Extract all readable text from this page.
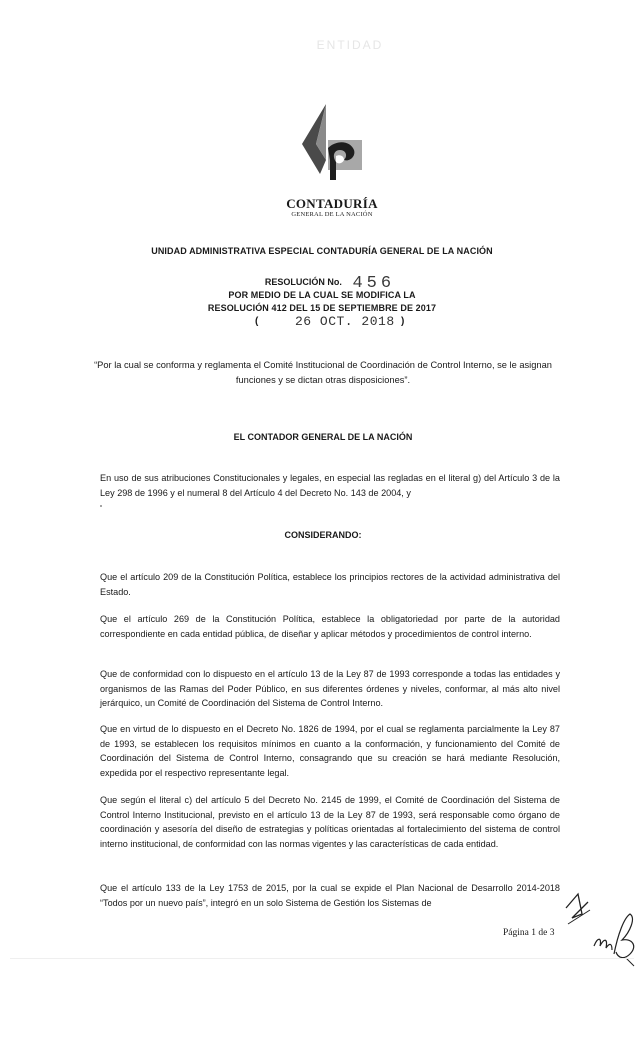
ENTIDAD
CONTADURÍA
GENERAL DE LA NACIÓN
UNIDAD ADMINISTRATIVA ESPECIAL CONTADURÍA GENERAL DE LA NACIÓN
RESOLUCIÓN No. 456
POR MEDIO DE LA CUAL SE MODIFICA LA
RESOLUCIÓN 412 DEL 15 DE SEPTIEMBRE DE 2017
(	26 OCT. 2018 )
“Por la cual se conforma y reglamenta el Comité Institucional de Coordinación de Control Interno, se le asignan funciones y se dictan otras disposiciones”.
EL CONTADOR GENERAL DE LA NACIÓN
En uso de sus atribuciones Constitucionales y legales, en especial las regladas en el literal g) del Artículo 3 de la Ley 298 de 1996 y el numeral 8 del Artículo 4 del Decreto No. 143 de 2004, y
CONSIDERANDO:
Que el artículo 209 de la Constitución Política, establece los principios rectores de la actividad administrativa del Estado.
Que el artículo 269 de la Constitución Política, establece la obligatoriedad por parte de la autoridad correspondiente en cada entidad pública, de diseñar y aplicar métodos y procedimientos de control interno.
Que de conformidad con lo dispuesto en el artículo 13 de la Ley 87 de 1993 corresponde a todas las entidades y organismos de las Ramas del Poder Público, en sus diferentes órdenes y niveles, conformar, al más alto nivel jerárquico, un Comité de Coordinación del Sistema de Control Interno.
Que en virtud de lo dispuesto en el Decreto No. 1826 de 1994, por el cual se reglamenta parcialmente la Ley 87 de 1993, se establecen los requisitos mínimos en cuanto a la conformación, y funcionamiento del Comité de Coordinación del Sistema de Control Interno, consagrando que su creación se hará mediante Resolución, expedida por el respectivo representante legal.
Que según el literal c) del artículo 5 del Decreto No. 2145 de 1999, el Comité de Coordinación del Sistema de Control Interno Institucional, previsto en el artículo 13 de la Ley 87 de 1993, será responsable como órgano de coordinación y asesoría del diseño de estrategias y políticas orientadas al fortalecimiento del sistema de control interno institucional, de conformidad con las normas vigentes y las características de cada entidad.
Que el artículo 133 de la Ley 1753 de 2015, por la cual se expide el Plan Nacional de Desarrollo 2014-2018 “Todos por un nuevo país”, integró en un solo Sistema de Gestión los Sistemas de
Página 1 de 3
